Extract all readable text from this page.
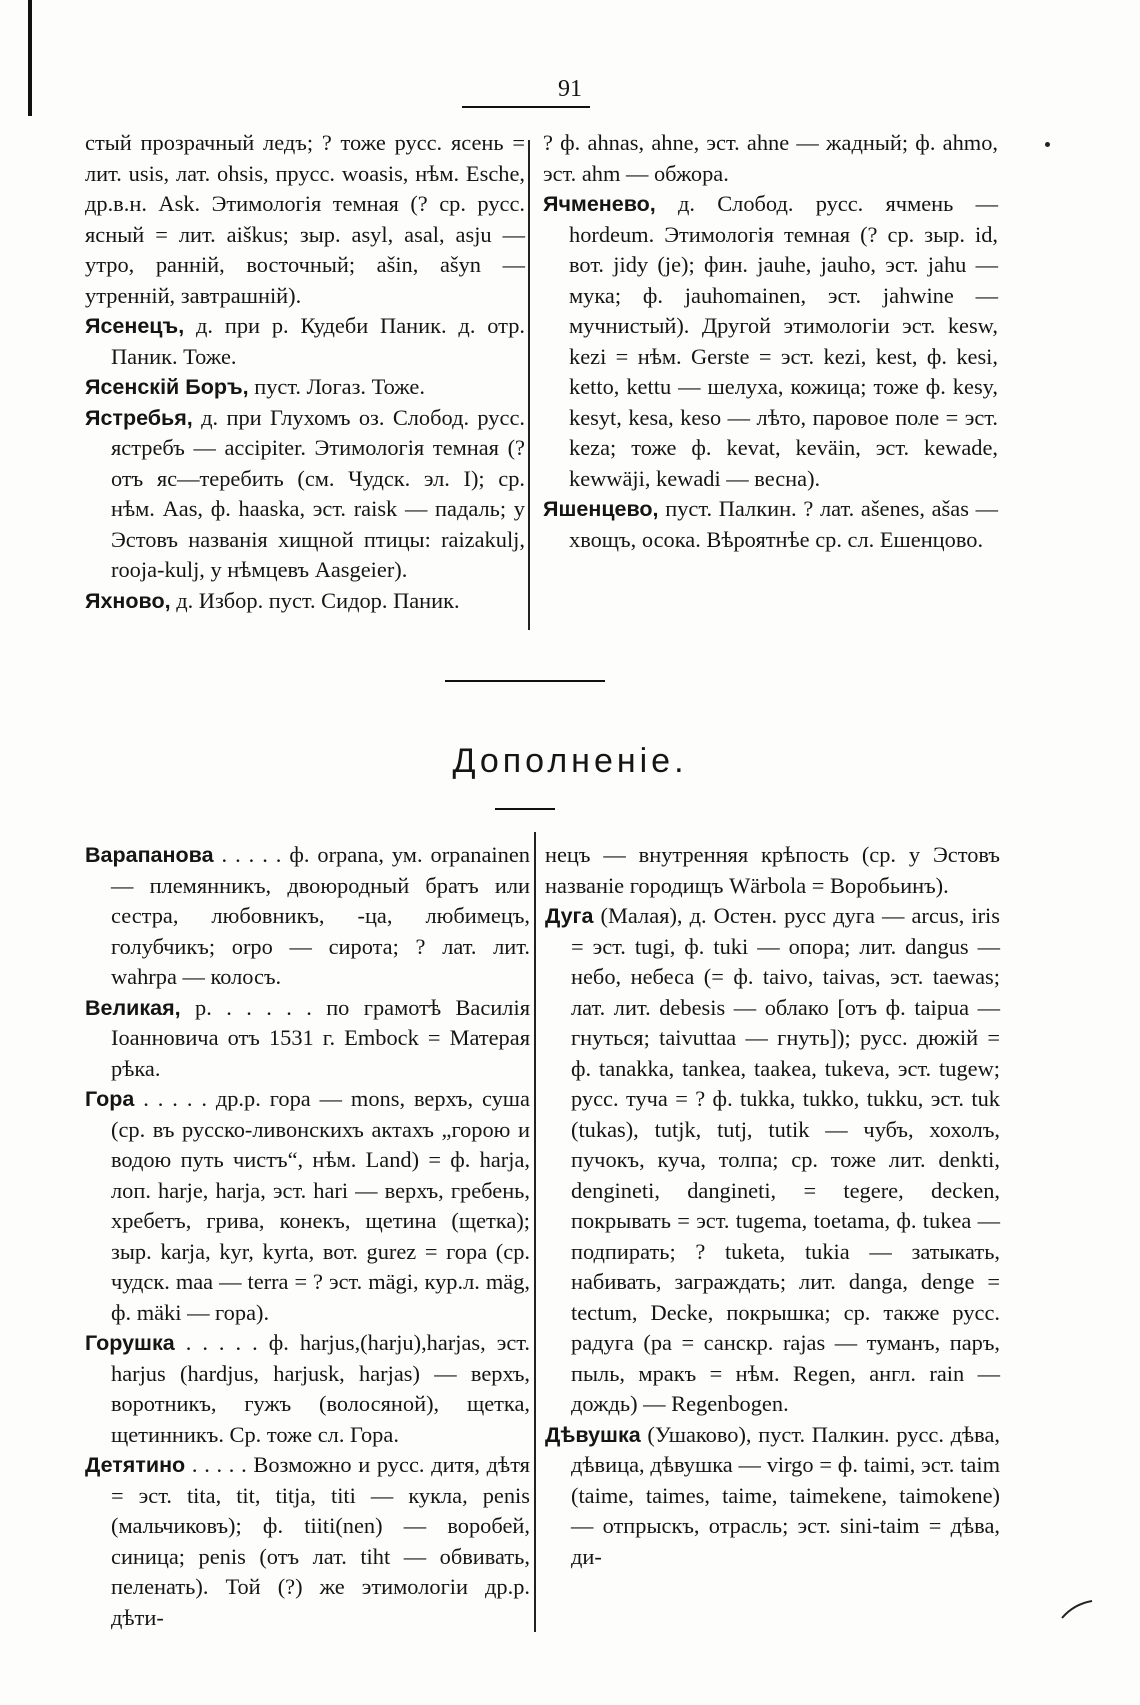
91

стый прозрачный ледъ; ? тоже русс. ясень = лит. usis, лат. ohsis, прусс. woasis, нѣм. Esche, др.в.н. Ask. Этимологія темная (? ср. русс. ясный = лит. aiškus; зыр. asyl, asal, asju — утро, ранній, восточный; ašin, ašyn — утренній, завтрашній).

Ясенецъ, д. при р. Кудеби Паник. д. отр. Паник. Тоже.

Ясенскій Боръ, пуст. Логаз. Тоже.

Ястребья, д. при Глухомъ оз. Слобод. русс. ястребъ — accipiter. Этимологія темная (? отъ яс—теребить (см. Чудск. эл. I); ср. нѣм. Aas, ф. haaska, эст. raisk — падаль; у Эстовъ названія хищной птицы: raizakulj, rooja-kulj, у нѣмцевъ Aasgeier).

Яхново, д. Избор. пуст. Сидор. Паник.

? ф. ahnas, ahne, эст. ahne — жадный; ф. ahmo, эст. ahm — обжора.

Ячменево, д. Слобод. русс. ячмень — hordeum. Этимологія темная (? ср. зыр. id, вот. jidy (je); фин. jauhe, jauho, эст. jahu — мука; ф. jauhomainen, эст. jahwine — мучнистый). Другой этимологіи эст. kesw, kezi = нѣм. Gerste = эст. kezi, kest, ф. kesi, ketto, kettu — шелуха, кожица; тоже ф. kesy, kesyt, kesa, keso — лѣто, паровое поле = эст. keza; тоже ф. kevat, keväin, эст. kewade, kewwäji, kewadi — весна).

Яшенцево, пуст. Палкин. ? лат. ašenes, ašas — хвощъ, осока. Вѣроятнѣе ср. сл. Ешенцово.

Дополненіе.

Варапанова . . . . . ф. orpana, ум. orpanainen — племянникъ, двоюродный братъ или сестра, любовникъ, -ца, любимецъ, голубчикъ; orpo — сирота; ? лат. лит. wahrpa — колосъ.

Великая, р. . . . . . по грамотѣ Василія Іоанновича отъ 1531 г. Embock = Матерая рѣка.

Гора . . . . . др.р. гора — mons, верхъ, суша (ср. въ русско-ливонскихъ актахъ „горою и водою путь чистъ“, нѣм. Land) = ф. harja, лоп. harje, harja, эст. hari — верхъ, гребень, хребетъ, грива, конекъ, щетина (щетка); зыр. karja, kyr, kyrta, вот. gurez = гора (ср. чудск. maa — terra = ? эст. mägi, кур.л. mäg, ф. mäki — гора).

Горушка . . . . . ф. harjus,(harju),harjas, эст. harjus (hardjus, harjusk, harjas) — верхъ, воротникъ, гужъ (волосяной), щетка, щетинникъ. Ср. тоже сл. Гора.

Детятино . . . . . Возможно и русс. дитя, дѣтя = эст. tita, tit, titja, titi — кукла, penis (мальчиковъ); ф. tiiti(nen) — воробей, синица; penis (отъ лат. tiht — обвивать, пеленать). Той (?) же этимологіи др.р. дѣти-

нецъ — внутренняя крѣпость (ср. у Эстовъ названіе городищъ Wärbola = Воробьинъ).

Дуга (Малая), д. Остен. русс дуга — arcus, iris = эст. tugi, ф. tuki — опора; лит. dangus — небо, небеса (= ф. taivo, taivas, эст. taewas; лат. лит. debesis — облако [отъ ф. taipua — гнуться; taivuttaa — гнуть]); русс. дюжій = ф. tanakka, tankea, taakea, tukeva, эст. tugew; русс. туча = ? ф. tukka, tukko, tukku, эст. tuk (tukas), tutjk, tutj, tutik — чубъ, хохолъ, пучокъ, куча, толпа; ср. тоже лит. denkti, dengineti, dangineti, = tegere, decken, покрывать = эст. tugema, toetama, ф. tukea — подпирать; ? tuketa, tukia — затыкать, набивать, заграждать; лит. danga, denge = tectum, Decke, покрышка; ср. также русс. радуга (ра = санскр. rajas — туманъ, паръ, пыль, мракъ = нѣм. Regen, англ. rain — дождь) — Regenbogen.

Дѣвушка (Ушаково), пуст. Палкин. русс. дѣва, дѣвица, дѣвушка — virgo = ф. taimi, эст. taim (taime, taimes, taime, taimekene, taimokene) — отпрыскъ, отрасль; эст. sini-taim = дѣва, ди-
